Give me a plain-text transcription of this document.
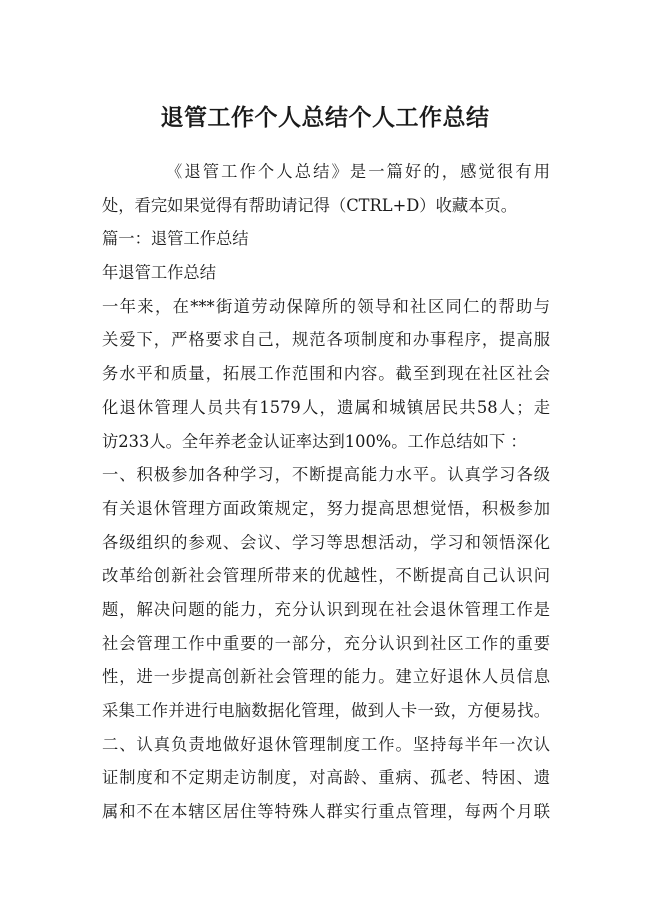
退管工作个人总结个人工作总结
《退管工作个人总结》是一篇好的，感觉很有用
处，看完如果觉得有帮助请记得（CTRL+D）收藏本页。
篇一：退管工作总结
年退管工作总结
一年来，在***街道劳动保障所的领导和社区同仁的帮助与
关爱下，严格要求自己，规范各项制度和办事程序，提高服
务水平和质量，拓展工作范围和内容。截至到现在社区社会
化退休管理人员共有1579人，遗属和城镇居民共58人；走
访233人。全年养老金认证率达到100%。工作总结如下 ：
一、积极参加各种学习，不断提高能力水平。认真学习各级
有关退休管理方面政策规定，努力提高思想觉悟，积极参加
各级组织的参观、会议、学习等思想活动，学习和领悟深化
改革给创新社会管理所带来的优越性，不断提高自己认识问
题，解决问题的能力，充分认识到现在社会退休管理工作是
社会管理工作中重要的一部分，充分认识到社区工作的重要
性，进一步提高创新社会管理的能力。建立好退休人员信息
采集工作并进行电脑数据化管理，做到人卡一致，方便易找。
二、认真负责地做好退休管理制度工作。坚持每半年一次认
证制度和不定期走访制度，对高龄、重病、孤老、特困、遗
属和不在本辖区居住等特殊人群实行重点管理，每两个月联
